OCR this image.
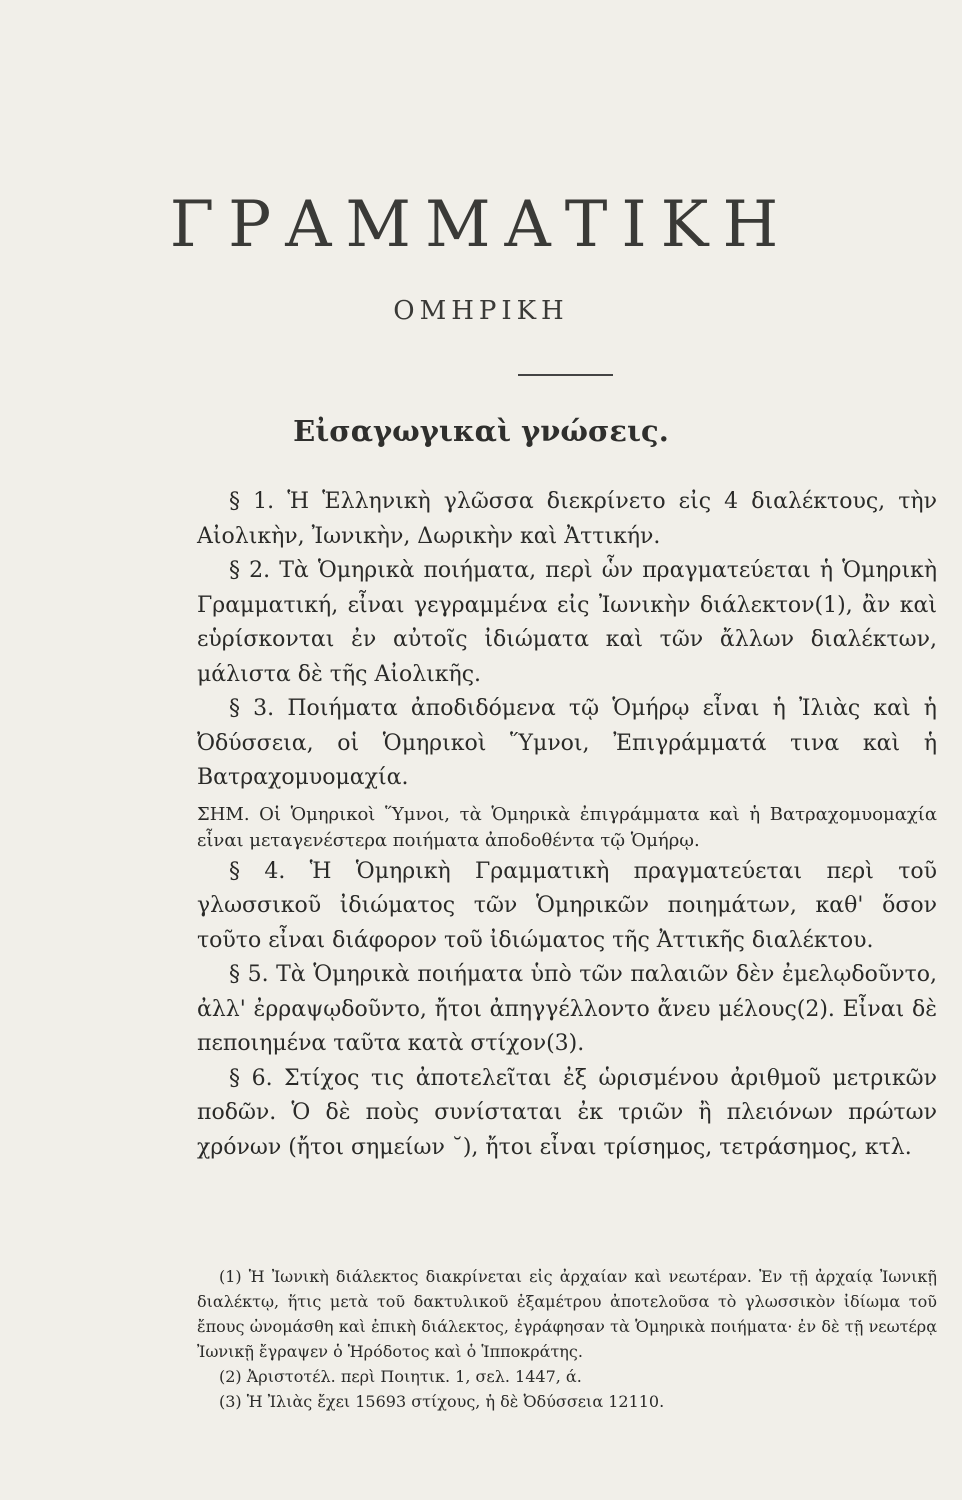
ΓΡΑΜΜΑΤΙΚΗ
ΟΜΗΡΙΚΗ
Εἰσαγωγικαὶ γνώσεις.

§ 1. Ἡ Ἑλληνικὴ γλῶσσα διεκρίνετο εἰς 4 διαλέκτους, τὴν Αἰολικὴν, Ἰωνικὴν, Δωρικὴν καὶ Ἀττικήν.

§ 2. Τὰ Ὁμηρικὰ ποιήματα, περὶ ὧν πραγματεύεται ἡ Ὁμηρικὴ Γραμματική, εἶναι γεγραμμένα εἰς Ἰωνικὴν διάλεκτον(1), ἂν καὶ εὑρίσκονται ἐν αὐτοῖς ἰδιώματα καὶ τῶν ἄλλων διαλέκτων, μάλιστα δὲ τῆς Αἰολικῆς.

§ 3. Ποιήματα ἀποδιδόμενα τῷ Ὁμήρῳ εἶναι ἡ Ἰλιὰς καὶ ἡ Ὀδύσσεια, οἱ Ὁμηρικοὶ Ὕμνοι, Ἐπιγράμματά τινα καὶ ἡ Βατραχομυομαχία.

ΣΗΜ. Οἱ Ὁμηρικοὶ Ὕμνοι, τὰ Ὁμηρικὰ ἐπιγράμματα καὶ ἡ Βατραχομυομαχία εἶναι μεταγενέστερα ποιήματα ἀποδοθέντα τῷ Ὁμήρῳ.

§ 4. Ἡ Ὁμηρικὴ Γραμματικὴ πραγματεύεται περὶ τοῦ γλωσσικοῦ ἰδιώματος τῶν Ὁμηρικῶν ποιημάτων, καθ' ὅσον τοῦτο εἶναι διάφορον τοῦ ἰδιώματος τῆς Ἀττικῆς διαλέκτου.

§ 5. Τὰ Ὁμηρικὰ ποιήματα ὑπὸ τῶν παλαιῶν δὲν ἐμελῳδοῦντο, ἀλλ' ἐρραψῳδοῦντο, ἤτοι ἀπηγγέλλοντο ἄνευ μέλους(2). Εἶναι δὲ πεποιημένα ταῦτα κατὰ στίχον(3).

§ 6. Στίχος τις ἀποτελεῖται ἐξ ὡρισμένου ἀριθμοῦ μετρικῶν ποδῶν. Ὁ δὲ ποὺς συνίσταται ἐκ τριῶν ἢ πλειόνων πρώτων χρόνων (ἤτοι σημείων ˘), ἤτοι εἶναι τρίσημος, τετράσημος, κτλ.

(1) Ἡ Ἰωνικὴ διάλεκτος διακρίνεται εἰς ἀρχαίαν καὶ νεωτέραν. Ἐν τῇ ἀρχαίᾳ Ἰωνικῇ διαλέκτῳ, ἥτις μετὰ τοῦ δακτυλικοῦ ἑξαμέτρου ἀποτελοῦσα τὸ γλωσσικὸν ἰδίωμα τοῦ ἔπους ὠνομάσθη καὶ ἐπικὴ διάλεκτος, ἐγράφησαν τὰ Ὁμηρικὰ ποιήματα· ἐν δὲ τῇ νεωτέρᾳ Ἰωνικῇ ἔγραψεν ὁ Ἡρόδοτος καὶ ὁ Ἱπποκράτης.

(2) Ἀριστοτέλ. περὶ Ποιητικ. 1, σελ. 1447, ά.

(3) Ἡ Ἰλιὰς ἔχει 15693 στίχους, ἡ δὲ Ὀδύσσεια 12110.
